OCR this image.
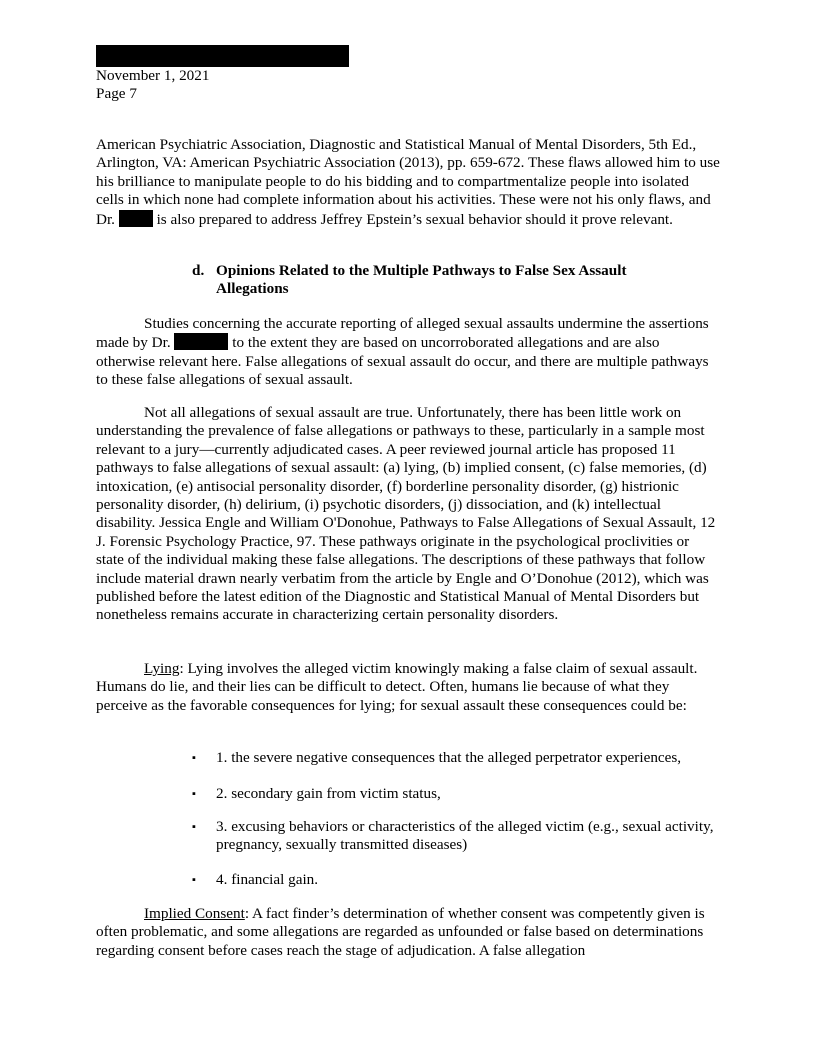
November 1, 2021
Page 7

American Psychiatric Association, Diagnostic and Statistical Manual of Mental Disorders, 5th Ed., Arlington, VA: American Psychiatric Association (2013), pp. 659-672. These flaws allowed him to use his brilliance to manipulate people to do his bidding and to compartmentalize people into isolated cells in which none had complete information about his activities. These were not his only flaws, and Dr.	is also prepared to address Jeffrey Epstein’s sexual behavior should it prove relevant.

d. Opinions Related to the Multiple Pathways to False Sex Assault Allegations

Studies concerning the accurate reporting of alleged sexual assaults undermine the assertions made by Dr.	to the extent they are based on uncorroborated allegations and are also otherwise relevant here. False allegations of sexual assault do occur, and there are multiple pathways to these false allegations of sexual assault.

Not all allegations of sexual assault are true. Unfortunately, there has been little work on understanding the prevalence of false allegations or pathways to these, particularly in a sample most relevant to a jury—currently adjudicated cases. A peer reviewed journal article has proposed 11 pathways to false allegations of sexual assault: (a) lying, (b) implied consent, (c) false memories, (d) intoxication, (e) antisocial personality disorder, (f) borderline personality disorder, (g) histrionic personality disorder, (h) delirium, (i) psychotic disorders, (j) dissociation, and (k) intellectual disability. Jessica Engle and William O'Donohue, Pathways to False Allegations of Sexual Assault, 12 J. Forensic Psychology Practice, 97. These pathways originate in the psychological proclivities or state of the individual making these false allegations. The descriptions of these pathways that follow include material drawn nearly verbatim from the article by Engle and O’Donohue (2012), which was published before the latest edition of the Diagnostic and Statistical Manual of Mental Disorders but nonetheless remains accurate in characterizing certain personality disorders.

Lying: Lying involves the alleged victim knowingly making a false claim of sexual assault. Humans do lie, and their lies can be difficult to detect. Often, humans lie because of what they perceive as the favorable consequences for lying; for sexual assault these consequences could be:

▪ 1. the severe negative consequences that the alleged perpetrator experiences,
▪ 2. secondary gain from victim status,
▪ 3. excusing behaviors or characteristics of the alleged victim (e.g., sexual activity, pregnancy, sexually transmitted diseases)
▪ 4. financial gain.

Implied Consent: A fact finder’s determination of whether consent was competently given is often problematic, and some allegations are regarded as unfounded or false based on determinations regarding consent before cases reach the stage of adjudication. A false allegation
